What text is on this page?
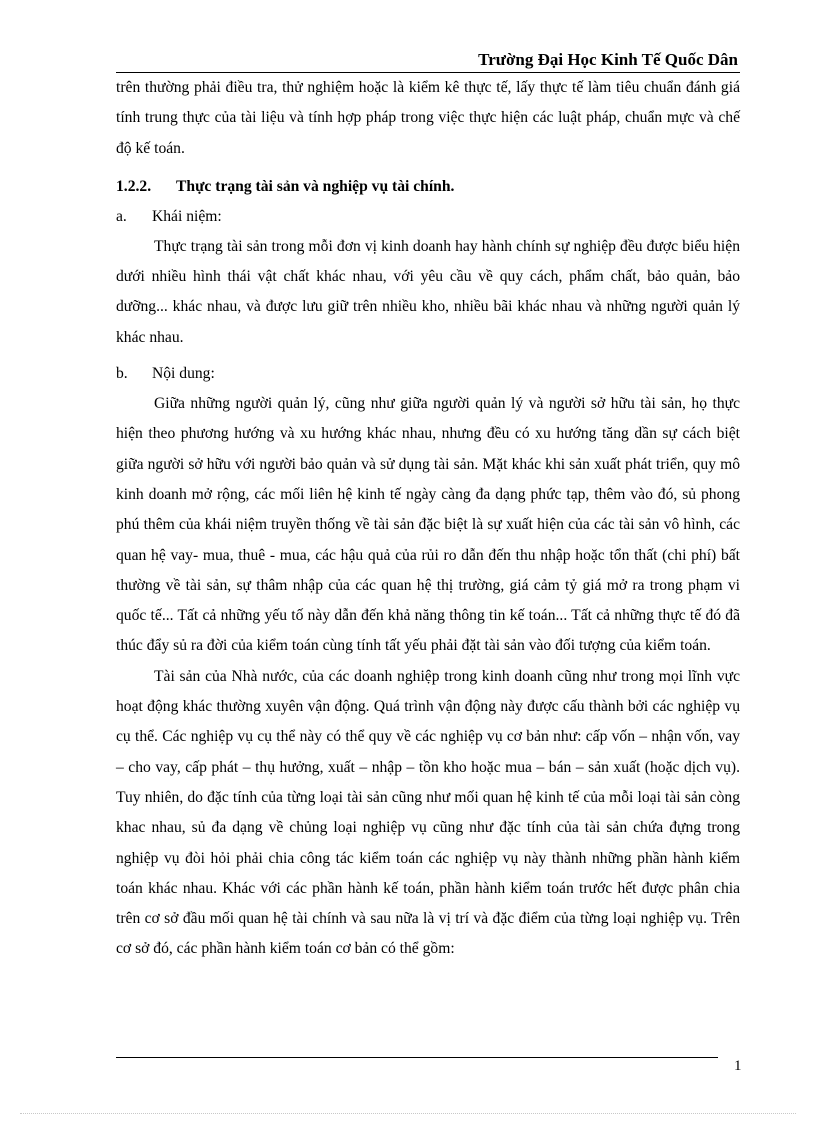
Trường Đại Học Kinh Tế Quốc Dân

trên thường phải điều tra, thử nghiệm hoặc là kiểm kê thực tế, lấy thực tế làm tiêu chuẩn đánh giá tính trung thực của tài liệu và tính hợp pháp trong việc thực hiện các luật pháp, chuẩn mực và chế độ kế toán.

1.2.2.	Thực trạng tài sản và nghiệp vụ tài chính.
a.	Khái niệm:

Thực trạng tài sản trong mỗi đơn vị kinh doanh hay hành chính sự nghiệp đều được biểu hiện dưới nhiều hình thái vật chất khác nhau, với yêu cầu về quy cách, phẩm chất, bảo quản, bảo dưỡng... khác nhau, và được lưu giữ trên nhiều kho, nhiều bãi khác nhau và những người quản lý khác nhau.

b.	Nội dung:

Giữa những người quản lý, cũng như giữa người quản lý và người sở hữu tài sản, họ thực hiện theo phương hướng và xu hướng khác nhau, nhưng đều có xu hướng tăng dần sự cách biệt giữa người sở hữu với người bảo quản và sử dụng tài sản. Mặt khác khi sản xuất phát triển, quy mô kinh doanh mở rộng, các mối liên hệ kinh tế ngày càng đa dạng phức tạp, thêm vào đó, sủ phong phú thêm của khái niệm truyền thống về tài sản đặc biệt là sự xuất hiện của các tài sản vô hình, các quan hệ vay- mua, thuê - mua, các hậu quả của rủi ro dẫn đến thu nhập hoặc tổn thất (chi phí) bất thường về tài sản, sự thâm nhập của các quan hệ thị trường, giá cảm tỷ giá mở ra trong phạm vi quốc tế... Tất cả những yếu tố này dẫn đến khả năng thông tin kế toán... Tất cả những thực tế đó đã thúc đẩy sủ ra đời của kiểm toán cùng tính tất yếu phải đặt tài sản vào đối tượng của kiểm toán.

Tài sản của Nhà nước, của các doanh nghiệp trong kinh doanh cũng như trong mọi lĩnh vực hoạt động khác thường xuyên vận động. Quá trình vận động này được cấu thành bởi các nghiệp vụ cụ thể. Các nghiệp vụ cụ thể này có thể quy về các nghiệp vụ cơ bản như: cấp vốn – nhận vốn, vay – cho vay, cấp phát – thụ hưởng, xuất – nhập – tồn kho hoặc mua – bán – sản xuất (hoặc dịch vụ). Tuy nhiên, do đặc tính của từng loại tài sản cũng như mối quan hệ kinh tế của mỗi loại tài sản còng khac nhau, sủ đa dạng về chủng loại nghiệp vụ cũng như đặc tính của tài sản chứa đựng trong nghiệp vụ đòi hỏi phải chia công tác kiểm toán các nghiệp vụ này thành những phần hành kiểm toán khác nhau. Khác với các phần hành kế toán, phần hành kiểm toán trước hết được phân chia trên cơ sở đầu mối quan hệ tài chính và sau nữa là vị trí và đặc điểm của từng loại nghiệp vụ. Trên cơ sở đó, các phần hành kiểm toán cơ bản có thể gồm:

1
